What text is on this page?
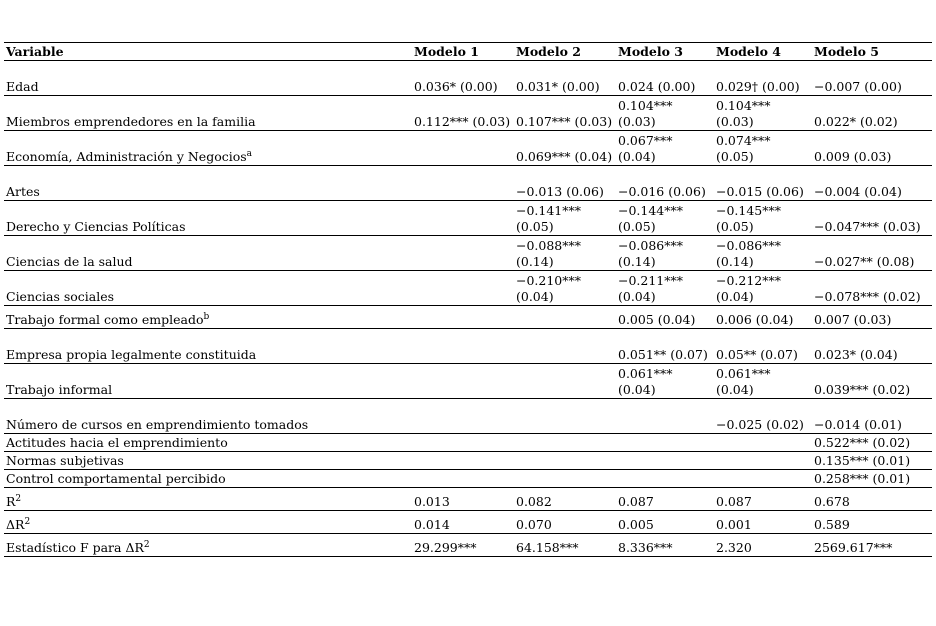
Variable	Modelo 1	Modelo 2	Modelo 3	Modelo 4	Modelo 5
Edad	0.036* (0.00)	0.031* (0.00)	0.024 (0.00)	0.029† (0.00)	−0.007 (0.00)
Miembros emprendedores en la familia	0.112*** (0.03)	0.107*** (0.03)	0.104*** (0.03)	0.104*** (0.03)	0.022* (0.02)
Economía, Administración y Negocios$^a$		0.069*** (0.04)	0.067*** (0.04)	0.074*** (0.05)	0.009 (0.03)
Artes		−0.013 (0.06)	−0.016 (0.06)	−0.015 (0.06)	−0.004 (0.04)
Derecho y Ciencias Políticas		−0.141*** (0.05)	−0.144*** (0.05)	−0.145*** (0.05)	−0.047*** (0.03)
Ciencias de la salud		−0.088*** (0.14)	−0.086*** (0.14)	−0.086*** (0.14)	−0.027** (0.08)
Ciencias sociales		−0.210*** (0.04)	−0.211*** (0.04)	−0.212*** (0.04)	−0.078*** (0.02)
Trabajo formal como empleado$^b$			0.005 (0.04)	0.006 (0.04)	0.007 (0.03)
Empresa propia legalmente constituida			0.051** (0.07)	0.05** (0.07)	0.023* (0.04)
Trabajo informal			0.061*** (0.04)	0.061*** (0.04)	0.039*** (0.02)
Número de cursos en emprendimiento tomados				−0.025 (0.02)	−0.014 (0.01)
Actitudes hacia el emprendimiento					0.522*** (0.02)
Normas subjetivas					0.135*** (0.01)
Control comportamental percibido					0.258*** (0.01)
$R^2$	0.013	0.082	0.087	0.087	0.678
$\Delta R^2$	0.014	0.070	0.005	0.001	0.589
Estadístico F para $\Delta R^2$	29.299***	64.158***	8.336***	2.320	2569.617***
